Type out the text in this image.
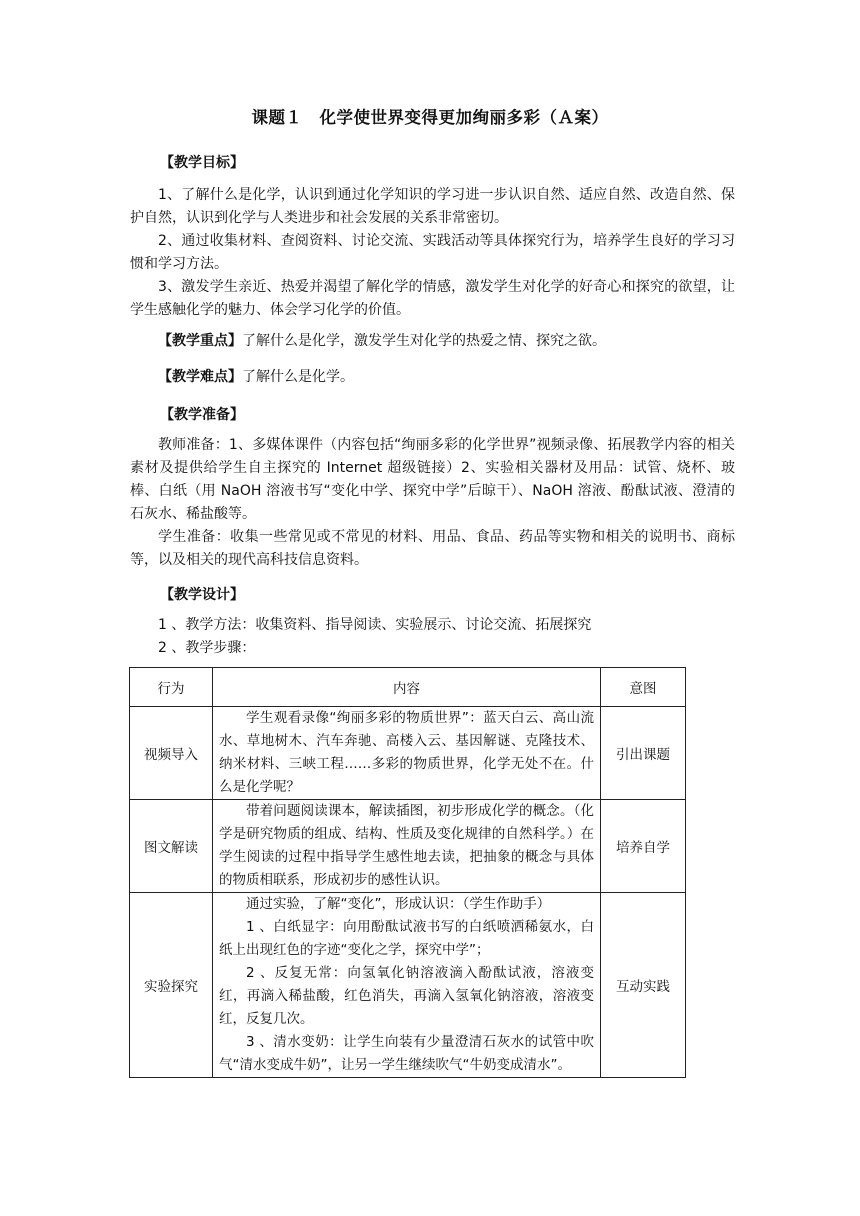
课题１　化学使世界变得更加绚丽多彩（Ａ案）
【教学目标】
1、了解什么是化学，认识到通过化学知识的学习进一步认识自然、适应自然、改造自然、保护自然，认识到化学与人类进步和社会发展的关系非常密切。
2、通过收集材料、查阅资料、讨论交流、实践活动等具体探究行为，培养学生良好的学习习惯和学习方法。
3、激发学生亲近、热爱并渴望了解化学的情感，激发学生对化学的好奇心和探究的欲望，让学生感触化学的魅力、体会学习化学的价值。
【教学重点】了解什么是化学，激发学生对化学的热爱之情、探究之欲。
【教学难点】了解什么是化学。
【教学准备】
教师准备：1、多媒体课件（内容包括“绚丽多彩的化学世界”视频录像、拓展教学内容的相关素材及提供给学生自主探究的 Internet 超级链接）2、实验相关器材及用品：试管、烧杯、玻棒、白纸（用 NaOH 溶液书写“变化中学、探究中学”后晾干）、NaOH 溶液、酚酞试液、澄清的石灰水、稀盐酸等。
学生准备：收集一些常见或不常见的材料、用品、食品、药品等实物和相关的说明书、商标等，以及相关的现代高科技信息资料。
【教学设计】
1 、教学方法：收集资料、指导阅读、实验展示、讨论交流、拓展探究
2 、教学步骤：
行为	内容	意图
视频导入	学生观看录像“绚丽多彩的物质世界”：蓝天白云、高山流水、草地树木、汽车奔驰、高楼入云、基因解谜、克隆技术、纳米材料、三峡工程……多彩的物质世界，化学无处不在。什么是化学呢？	引出课题
图文解读	带着问题阅读课本，解读插图，初步形成化学的概念。（化学是研究物质的组成、结构、性质及变化规律的自然科学。）在学生阅读的过程中指导学生感性地去读，把抽象的概念与具体的物质相联系，形成初步的感性认识。	培养自学
实验探究	通过实验，了解“变化”，形成认识：（学生作助手）

1 、白纸显字：向用酚酞试液书写的白纸喷洒稀氨水，白纸上出现红色的字迹“变化之学，探究中学”；

2 、反复无常：向氢氧化钠溶液滴入酚酞试液，溶液变红，再滴入稀盐酸，红色消失，再滴入氢氧化钠溶液，溶液变红，反复几次。

3 、清水变奶：让学生向装有少量澄清石灰水的试管中吹气“清水变成牛奶”，让另一学生继续吹气“牛奶变成清水”。	互动实践
